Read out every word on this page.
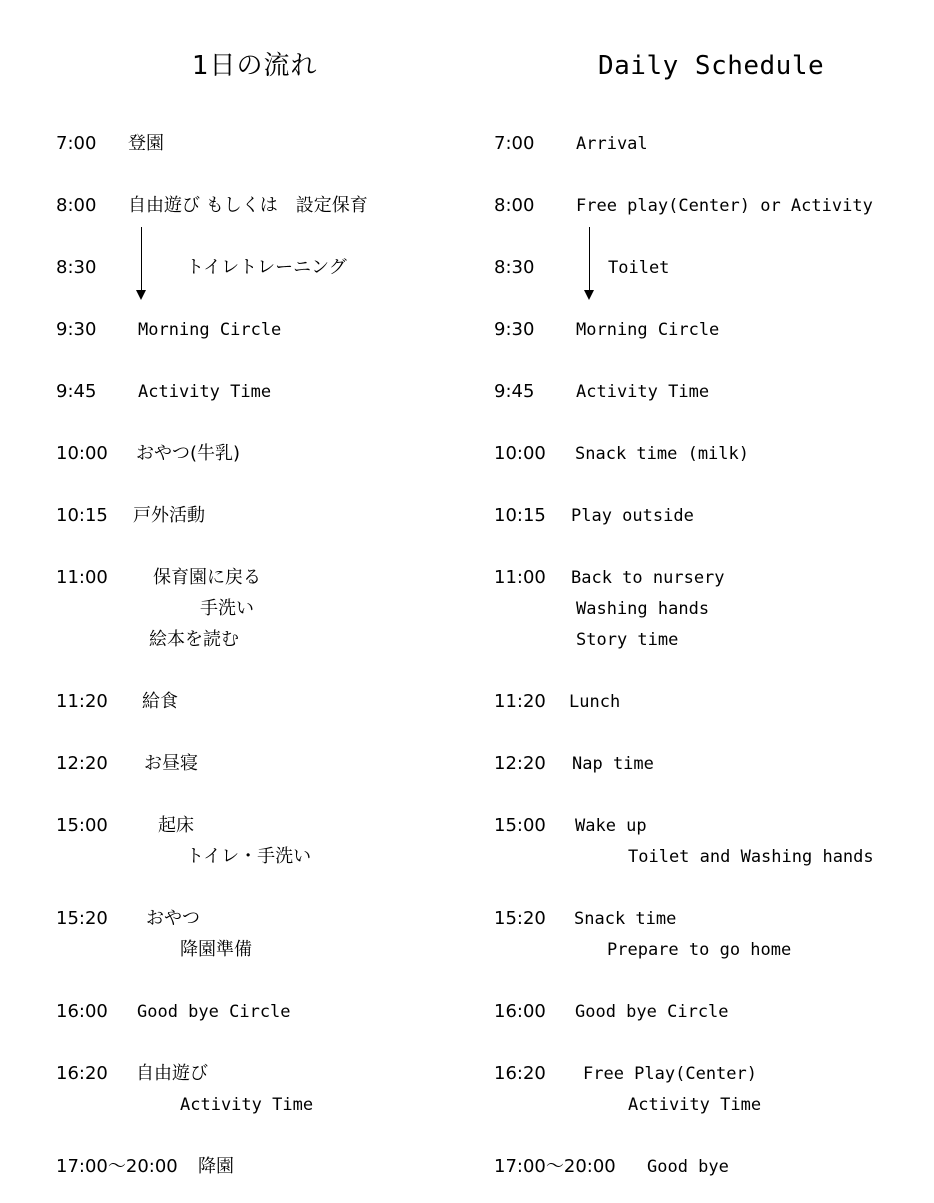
1日の流れ	Daily Schedule
7:00 登園
8:00 自由遊び もしくは　設定保育
8:30	トイレトレーニング
9:30 Morning Circle
9:45 Activity Time
10:00 おやつ(牛乳)
10:15 戸外活動
11:00	保育園に戻る
手洗い
絵本を読む
11:20 給食
12:20 お昼寝
15:00	起床
トイレ・手洗い
15:20 おやつ
降園準備
16:00 Good bye Circle
16:20 自由遊び
Activity Time
17:00～20:00 降園
7:00 Arrival
8:00 Free play(Center) or Activity
8:30	Toilet
9:30 Morning Circle
9:45 Activity Time
10:00 Snack time (milk)
10:15 Play outside
11:00 Back to nursery
Washing hands
Story time
11:20 Lunch
12:20 Nap time
15:00 Wake up
Toilet and Washing hands
15:20 Snack time
Prepare to go home
16:00 Good bye Circle
16:20 Free Play(Center)
Activity Time
17:00～20:00 Good bye
